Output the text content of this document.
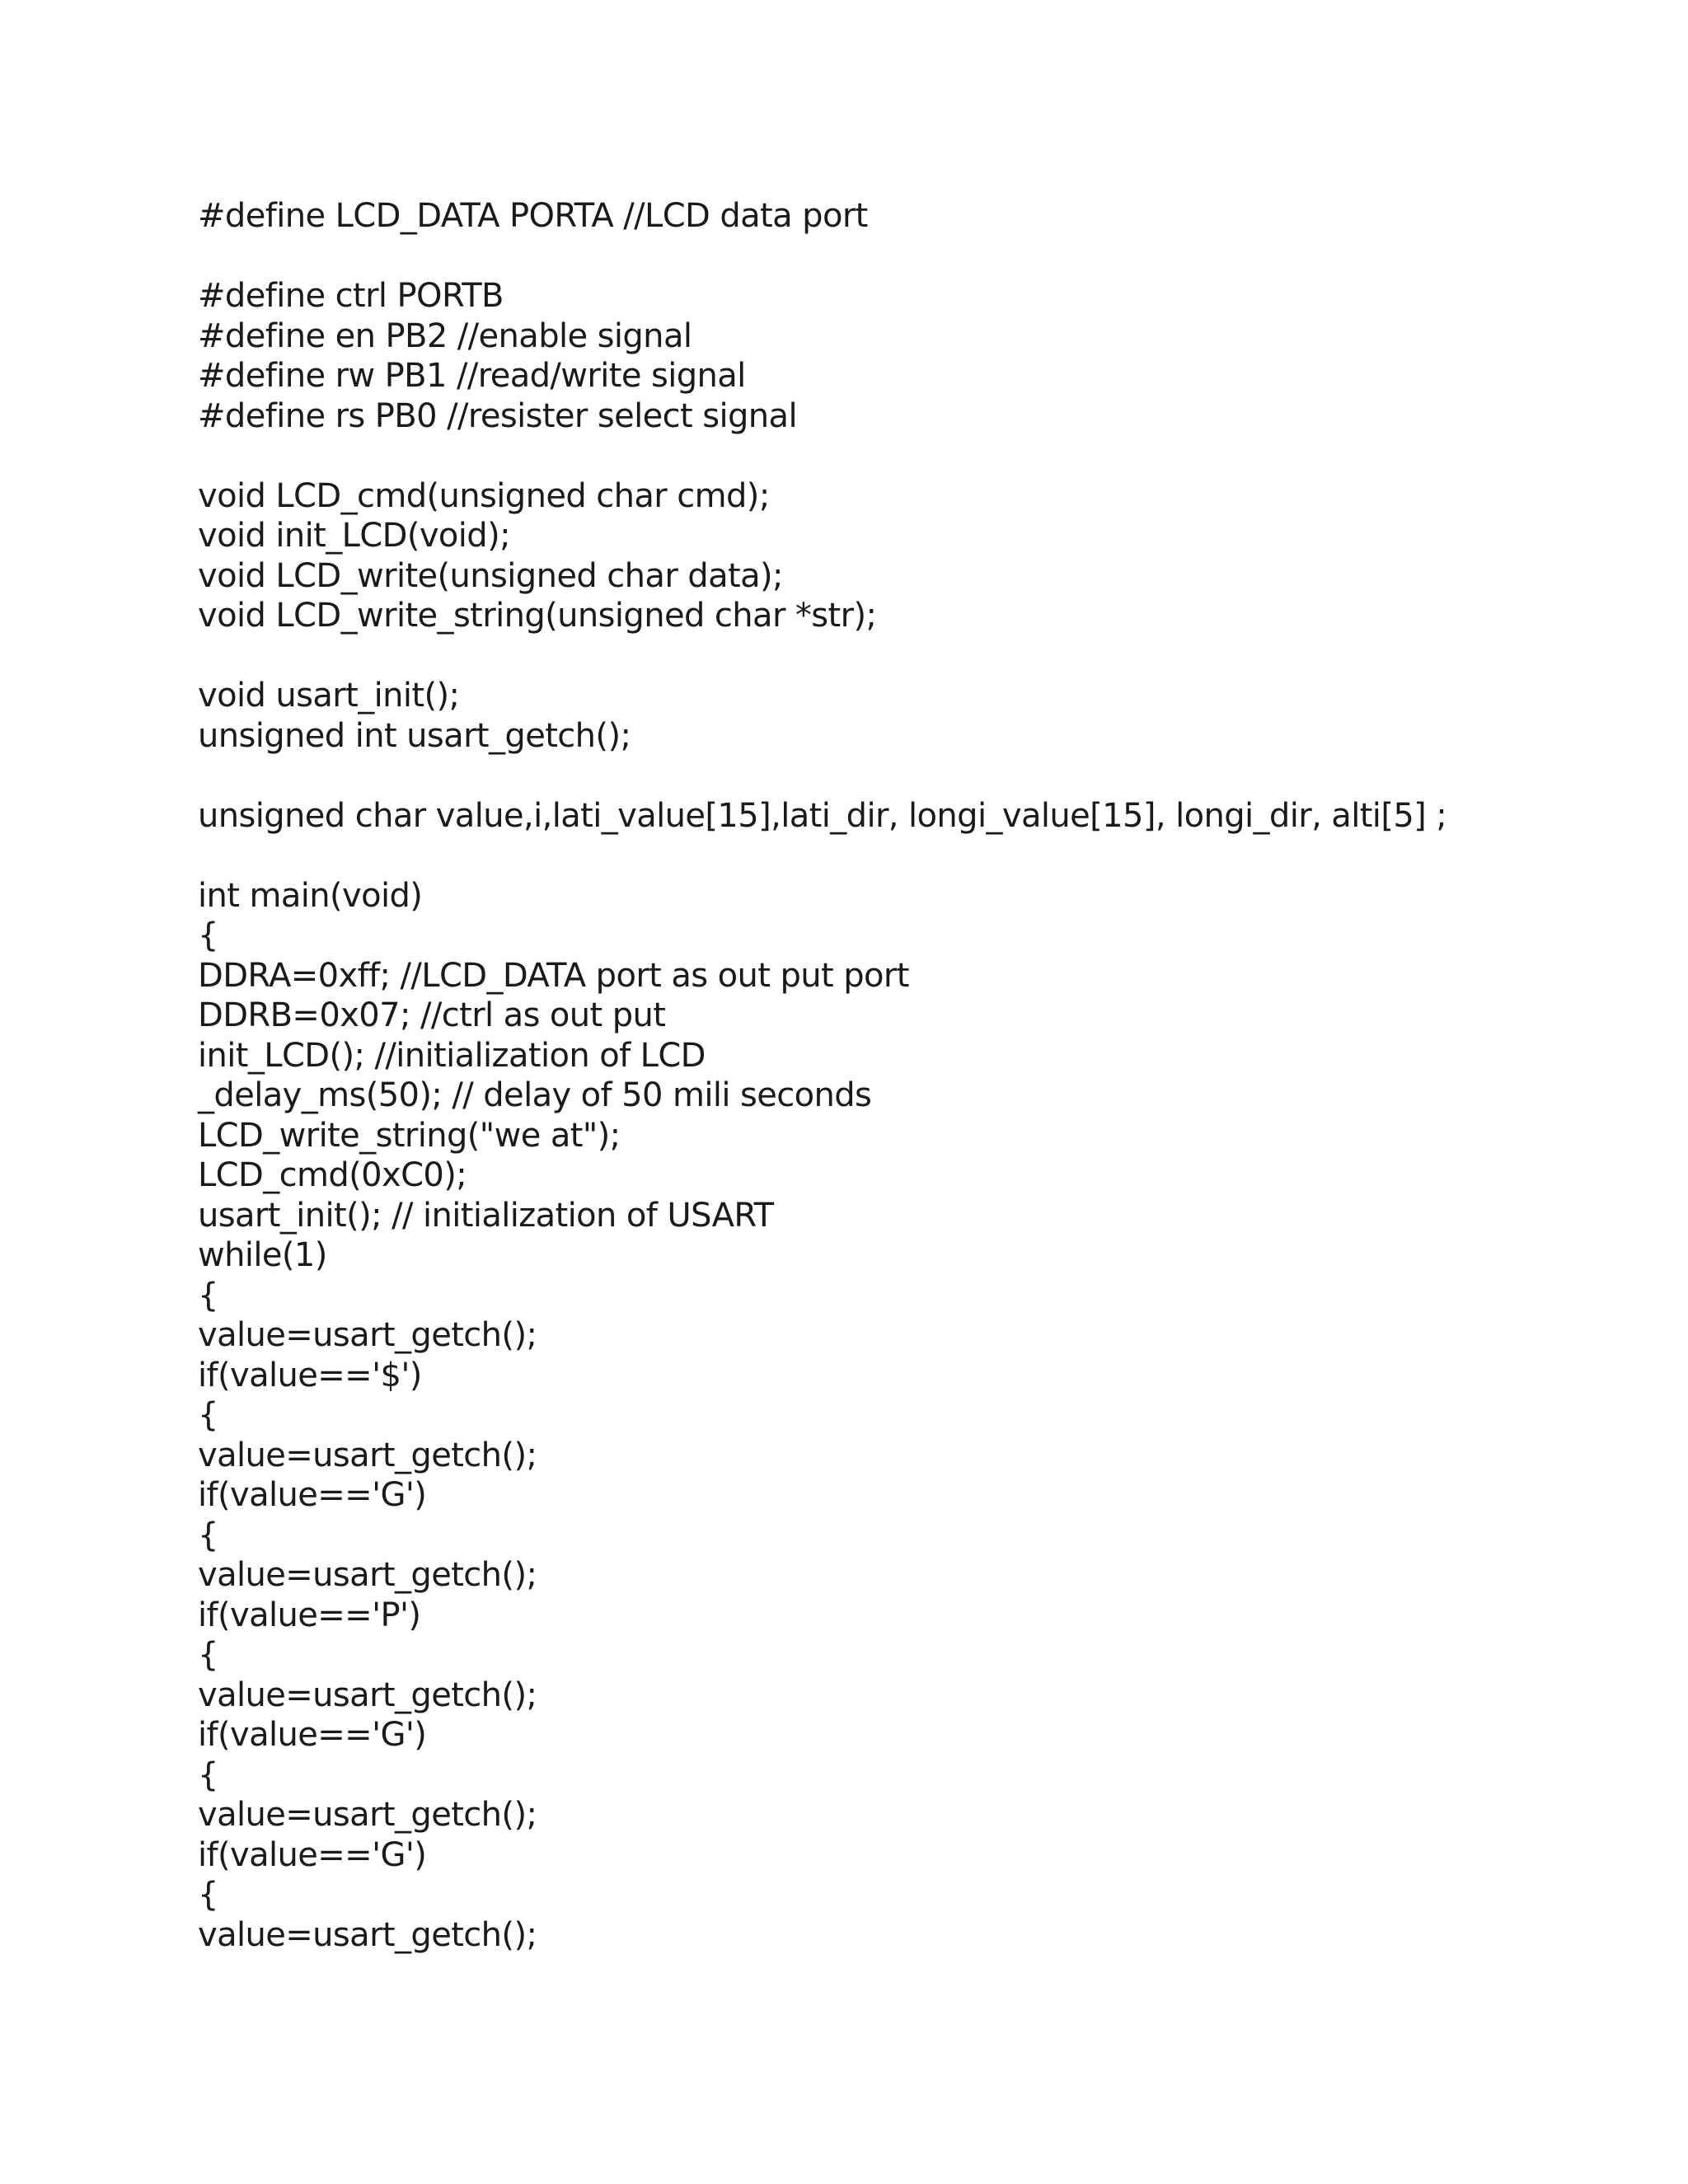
#define LCD_DATA PORTA //LCD data port
#define ctrl PORTB
#define en PB2 //enable signal
#define rw PB1 //read/write signal
#define rs PB0 //resister select signal
void LCD_cmd(unsigned char cmd);
void init_LCD(void);
void LCD_write(unsigned char data);
void LCD_write_string(unsigned char *str);
void usart_init();
unsigned int usart_getch();
unsigned char value,i,lati_value[15],lati_dir, longi_value[15], longi_dir, alti[5] ;
int main(void)
{
DDRA=0xff; //LCD_DATA port as out put port
DDRB=0x07; //ctrl as out put
init_LCD(); //initialization of LCD
_delay_ms(50); // delay of 50 mili seconds
LCD_write_string("we at");
LCD_cmd(0xC0);
usart_init(); // initialization of USART
while(1)
{
value=usart_getch();
if(value=='$')
{
value=usart_getch();
if(value=='G')
{
value=usart_getch();
if(value=='P')
{
value=usart_getch();
if(value=='G')
{
value=usart_getch();
if(value=='G')
{
value=usart_getch();
